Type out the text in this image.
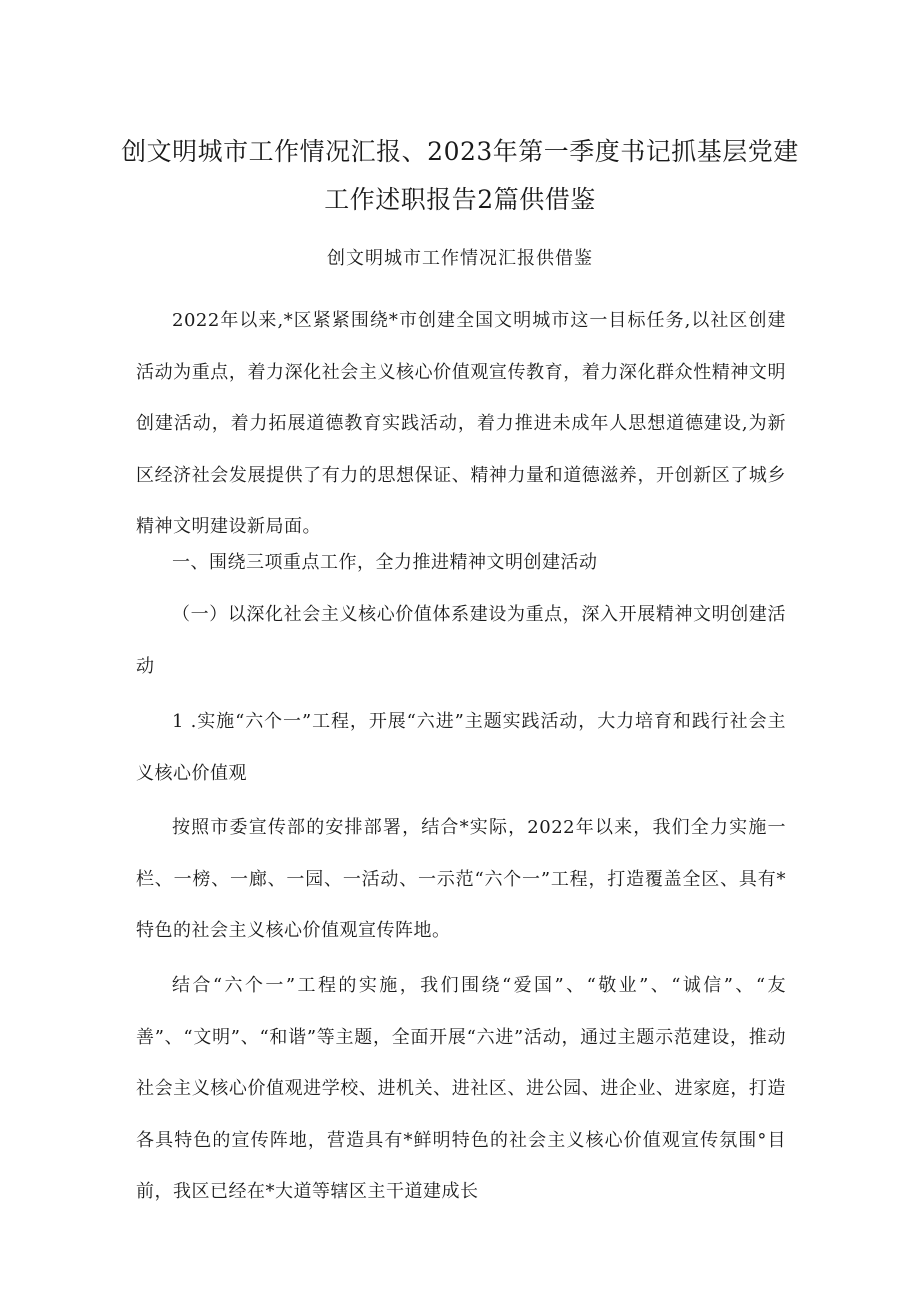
创文明城市工作情况汇报、2023年第一季度书记抓基层党建工作述职报告2篇供借鉴
创文明城市工作情况汇报供借鉴

2022年以来,*区紧紧围绕*市创建全国文明城市这一目标任务,以社区创建活动为重点，着力深化社会主义核心价值观宣传教育，着力深化群众性精神文明创建活动，着力拓展道德教育实践活动，着力推进未成年人思想道德建设,为新区经济社会发展提供了有力的思想保证、精神力量和道德滋养，开创新区了城乡精神文明建设新局面。

一、围绕三项重点工作，全力推进精神文明创建活动

（一）以深化社会主义核心价值体系建设为重点，深入开展精神文明创建活动

1 .实施“六个一”工程，开展“六进”主题实践活动，大力培育和践行社会主义核心价值观

按照市委宣传部的安排部署，结合*实际，2022年以来，我们全力实施一栏、一榜、一廊、一园、一活动、一示范“六个一”工程，打造覆盖全区、具有*特色的社会主义核心价值观宣传阵地。

结合“六个一”工程的实施，我们围绕“爱国”、“敬业”、“诚信”、“友善”、“文明”、“和谐”等主题，全面开展“六进”活动，通过主题示范建设，推动社会主义核心价值观进学校、进机关、进社区、进公园、进企业、进家庭，打造各具特色的宣传阵地，营造具有*鲜明特色的社会主义核心价值观宣传氛围°目前，我区已经在*大道等辖区主干道建成长
